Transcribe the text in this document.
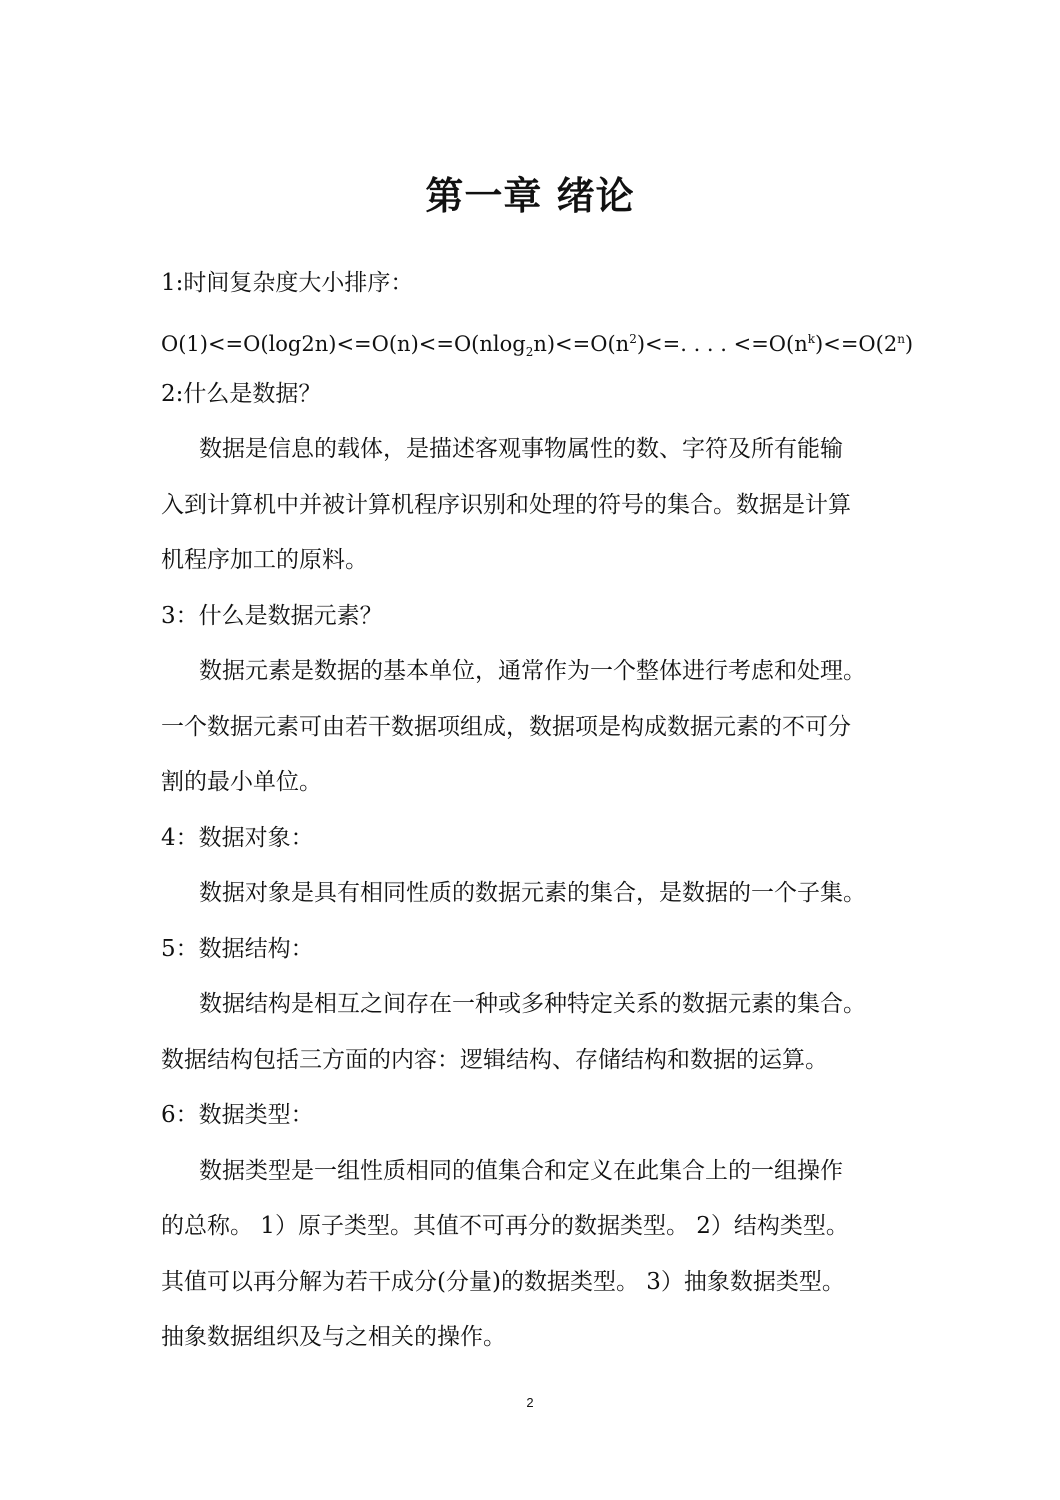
第一章 绪论
1:时间复杂度大小排序：
$O(1)<=O(\log 2n)<=O(n)<=O(nlog_2n)<=O(n^2)<=$. . . . $<=O(n^k)<=O(2^n)$
2:什么是数据？
数据是信息的载体，是描述客观事物属性的数、字符及所有能输
入到计算机中并被计算机程序识别和处理的符号的集合。数据是计算
机程序加工的原料。
3：什么是数据元素？
数据元素是数据的基本单位，通常作为一个整体进行考虑和处理。
一个数据元素可由若干数据项组成，数据项是构成数据元素的不可分
割的最小单位。
4：数据对象：
数据对象是具有相同性质的数据元素的集合，是数据的一个子集。
5：数据结构：
数据结构是相互之间存在一种或多种特定关系的数据元素的集合。
数据结构包括三方面的内容：逻辑结构、存储结构和数据的运算。
6：数据类型：
数据类型是一组性质相同的值集合和定义在此集合上的一组操作
的总称。 1）原子类型。其值不可再分的数据类型。 2）结构类型。
其值可以再分解为若干成分(分量)的数据类型。 3）抽象数据类型。
抽象数据组织及与之相关的操作。
2
